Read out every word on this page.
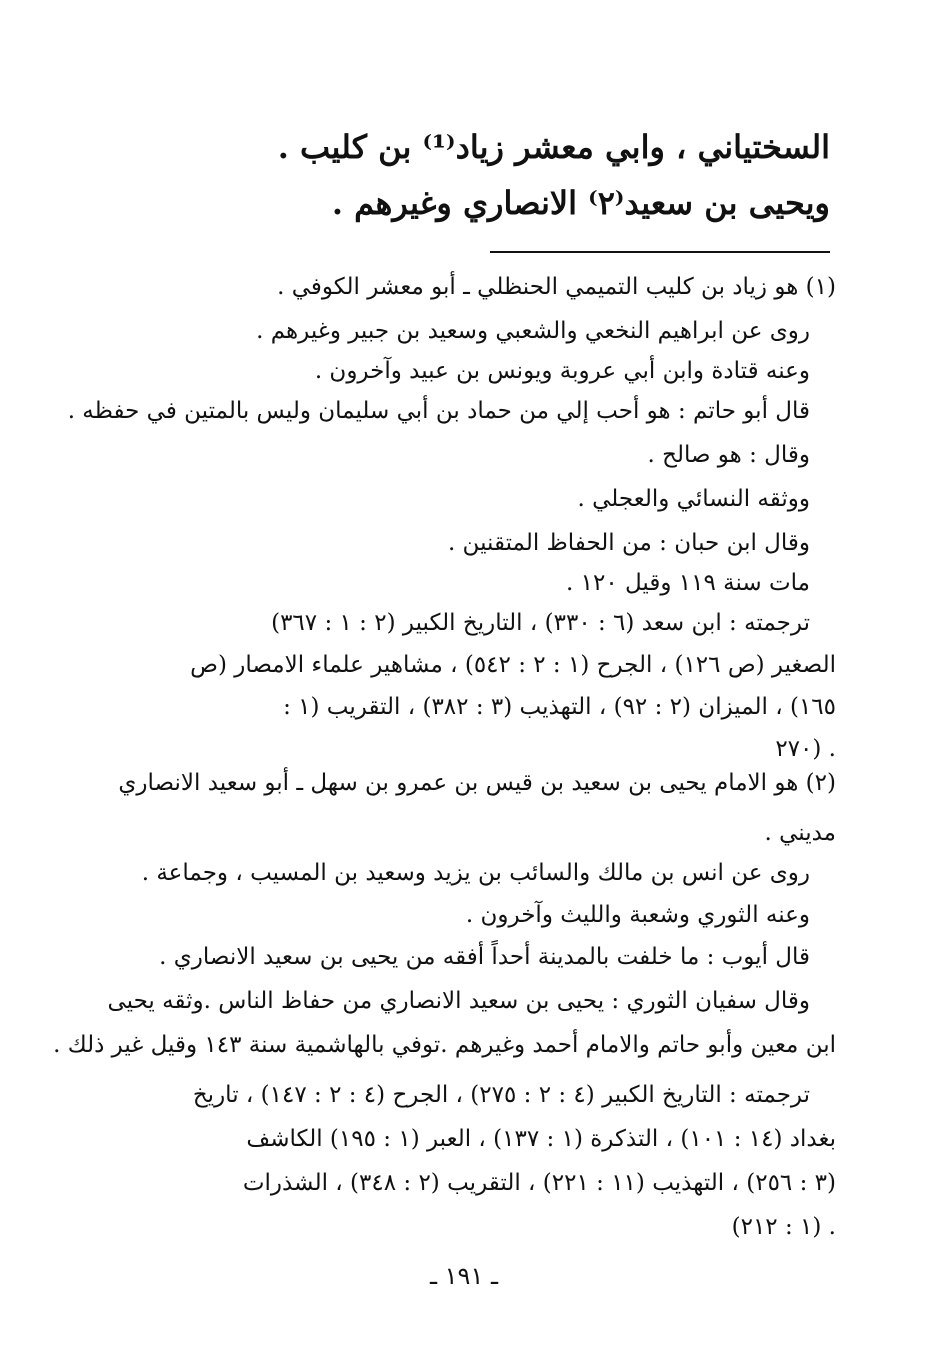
السختياني ، وابي معشر زياد⁽¹⁾ بن كليب .
ويحيى بن سعيد⁽٢⁾ الانصاري وغيرهم .
(١) هو زياد بن كليب التميمي الحنظلي ـ أبو معشر الكوفي .
روى عن ابراهيم النخعي والشعبي وسعيد بن جبير وغيرهم .
وعنه قتادة وابن أبي عروبة ويونس بن عبيد وآخرون .
قال أبو حاتم : هو أحب إلي من حماد بن أبي سليمان وليس بالمتين في حفظه .
وقال : هو صالح .
ووثقه النسائي والعجلي .
وقال ابن حبان : من الحفاظ المتقنين .
مات سنة ١١٩ وقيل ١٢٠ .
ترجمته : ابن سعد (٦ : ٣٣٠) ، التاريخ الكبير (٢ : ١ : ٣٦٧)
الصغير (ص ١٢٦) ، الجرح (١ : ٢ : ٥٤٢) ، مشاهير علماء الامصار (ص
١٦٥) ، الميزان (٢ : ٩٢) ، التهذيب (٣ : ٣٨٢) ، التقريب (١ :
٢٧٠) .
(٢) هو الامام يحيى بن سعيد بن قيس بن عمرو بن سهل ـ أبو سعيد الانصاري
مديني .
روى عن انس بن مالك والسائب بن يزيد وسعيد بن المسيب ، وجماعة .
وعنه الثوري وشعبة والليث وآخرون .
قال أيوب : ما خلفت بالمدينة أحداً أفقه من يحيى بن سعيد الانصاري .
وقال سفيان الثوري : يحيى بن سعيد الانصاري من حفاظ الناس .وثقه يحيى
ابن معين وأبو حاتم والامام أحمد وغيرهم .توفي بالهاشمية سنة ١٤٣ وقيل غير ذلك .
ترجمته : التاريخ الكبير (٤ : ٢ : ٢٧٥) ، الجرح (٤ : ٢ : ١٤٧) ، تاريخ
بغداد (١٤ : ١٠١) ، التذكرة (١ : ١٣٧) ، العبر (١ : ١٩٥) الكاشف
(٣ : ٢٥٦) ، التهذيب (١١ : ٢٢١) ، التقريب (٢ : ٣٤٨) ، الشذرات
(١ : ٢١٢) .
ـ ١٩١ ـ
